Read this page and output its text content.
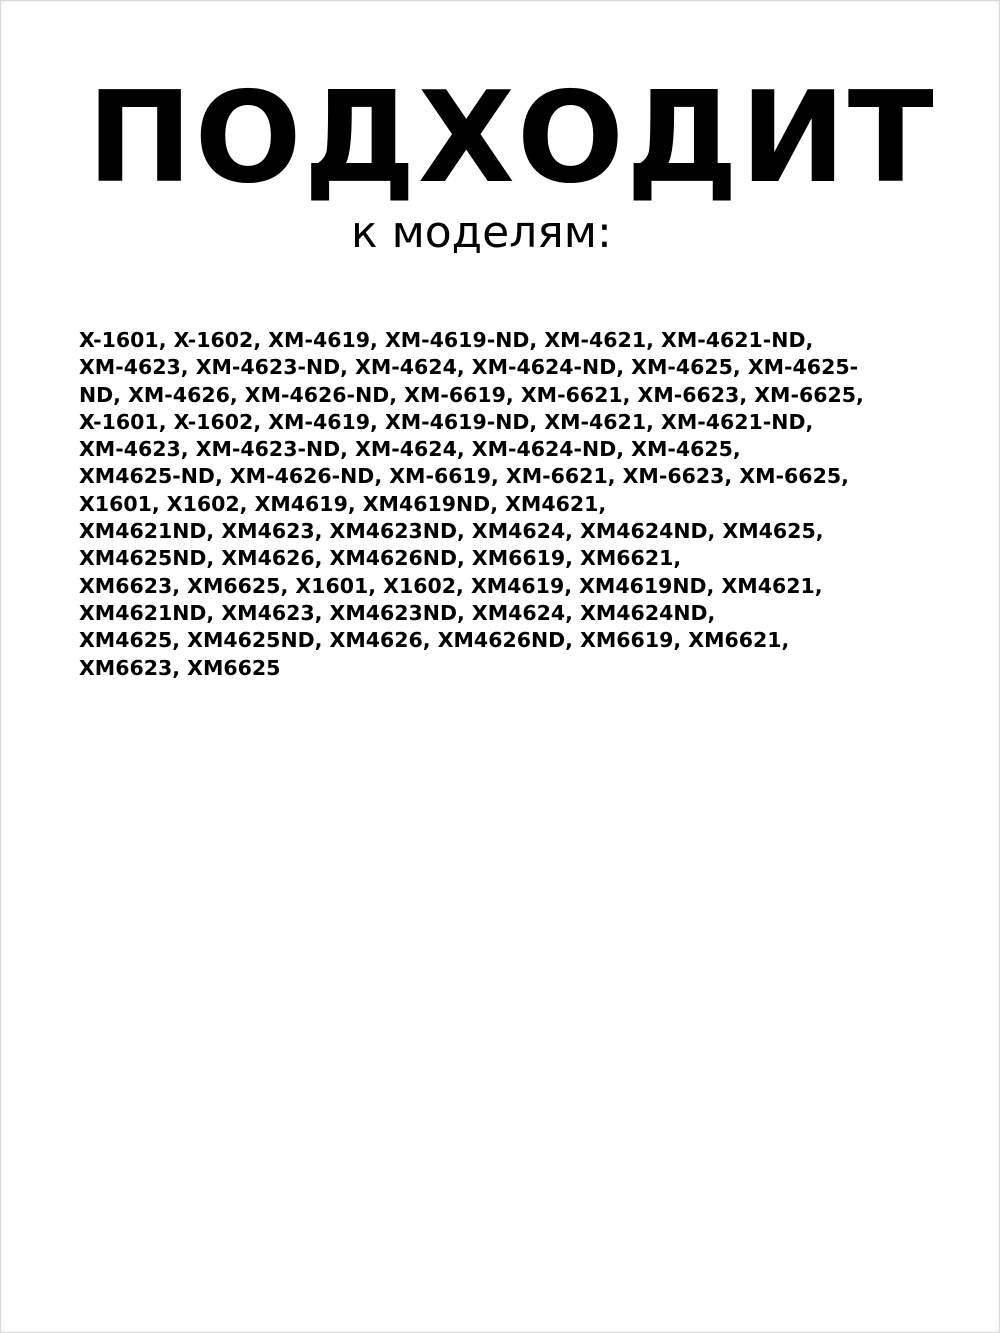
ПОДХОДИТ
к моделям:
X-1601, X-1602, XM-4619, XM-4619-ND, XM-4621, XM-4621-ND,
XM-4623, XM-4623-ND, XM-4624, XM-4624-ND, XM-4625, XM-4625-
ND, XM-4626, XM-4626-ND, XM-6619, XM-6621, XM-6623, XM-6625,
X-1601, X-1602, XM-4619, XM-4619-ND, XM-4621, XM-4621-ND,
XM-4623, XM-4623-ND, XM-4624, XM-4624-ND, XM-4625,
XM4625-ND, XM-4626-ND, XM-6619, XM-6621, XM-6623, XM-6625,
X1601, X1602, XM4619, XM4619ND, XM4621,
XM4621ND, XM4623, XM4623ND, XM4624, XM4624ND, XM4625,
XM4625ND, XM4626, XM4626ND, XM6619, XM6621,
XM6623, XM6625, X1601, X1602, XM4619, XM4619ND, XM4621,
XM4621ND, XM4623, XM4623ND, XM4624, XM4624ND,
XM4625, XM4625ND, XM4626, XM4626ND, XM6619, XM6621,
XM6623, XM6625
